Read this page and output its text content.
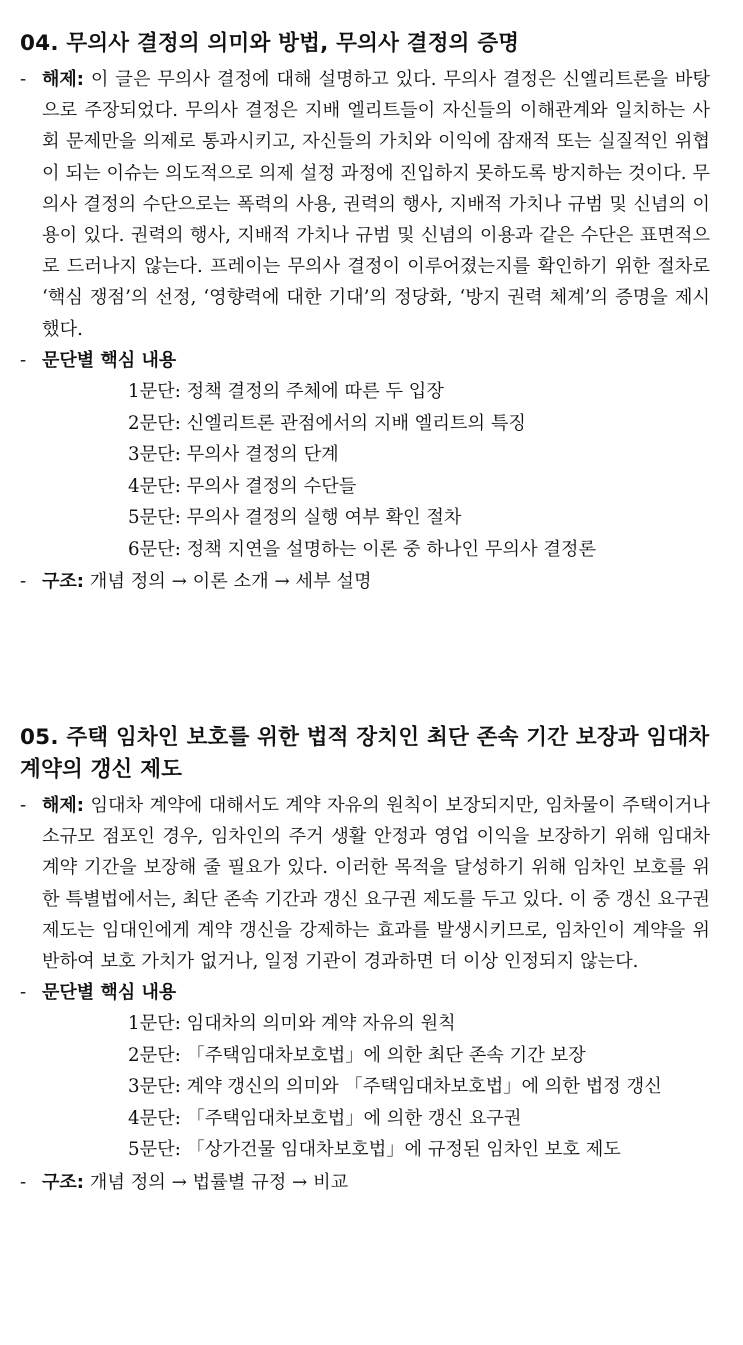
04. 무의사 결정의 의미와 방법, 무의사 결정의 증명
- 해제: 이 글은 무의사 결정에 대해 설명하고 있다. 무의사 결정은 신엘리트론을 바탕으로 주장되었다. 무의사 결정은 지배 엘리트들이 자신들의 이해관계와 일치하는 사회 문제만을 의제로 통과시키고, 자신들의 가치와 이익에 잠재적 또는 실질적인 위협이 되는 이슈는 의도적으로 의제 설정 과정에 진입하지 못하도록 방지하는 것이다. 무의사 결정의 수단으로는 폭력의 사용, 권력의 행사, 지배적 가치나 규범 및 신념의 이용이 있다. 권력의 행사, 지배적 가치나 규범 및 신념의 이용과 같은 수단은 표면적으로 드러나지 않는다. 프레이는 무의사 결정이 이루어졌는지를 확인하기 위한 절차로 ‘핵심 쟁점’의 선정, ‘영향력에 대한 기대’의 정당화, ‘방지 권력 체계’의 증명을 제시했다.
- 문단별 핵심 내용
1문단: 정책 결정의 주체에 따른 두 입장
2문단: 신엘리트론 관점에서의 지배 엘리트의 특징
3문단: 무의사 결정의 단계
4문단: 무의사 결정의 수단들
5문단: 무의사 결정의 실행 여부 확인 절차
6문단: 정책 지연을 설명하는 이론 중 하나인 무의사 결정론
- 구조: 개념 정의 → 이론 소개 → 세부 설명
05. 주택 임차인 보호를 위한 법적 장치인 최단 존속 기간 보장과 임대차 계약의 갱신 제도
- 해제: 임대차 계약에 대해서도 계약 자유의 원칙이 보장되지만, 임차물이 주택이거나 소규모 점포인 경우, 임차인의 주거 생활 안정과 영업 이익을 보장하기 위해 임대차 계약 기간을 보장해 줄 필요가 있다. 이러한 목적을 달성하기 위해 임차인 보호를 위한 특별법에서는, 최단 존속 기간과 갱신 요구권 제도를 두고 있다. 이 중 갱신 요구권 제도는 임대인에게 계약 갱신을 강제하는 효과를 발생시키므로, 임차인이 계약을 위반하여 보호 가치가 없거나, 일정 기관이 경과하면 더 이상 인정되지 않는다.
- 문단별 핵심 내용
1문단: 임대차의 의미와 계약 자유의 원칙
2문단: 「주택임대차보호법」에 의한 최단 존속 기간 보장
3문단: 계약 갱신의 의미와 「주택임대차보호법」에 의한 법정 갱신
4문단: 「주택임대차보호법」에 의한 갱신 요구권
5문단: 「상가건물 임대차보호법」에 규정된 임차인 보호 제도
- 구조: 개념 정의 → 법률별 규정 → 비교
